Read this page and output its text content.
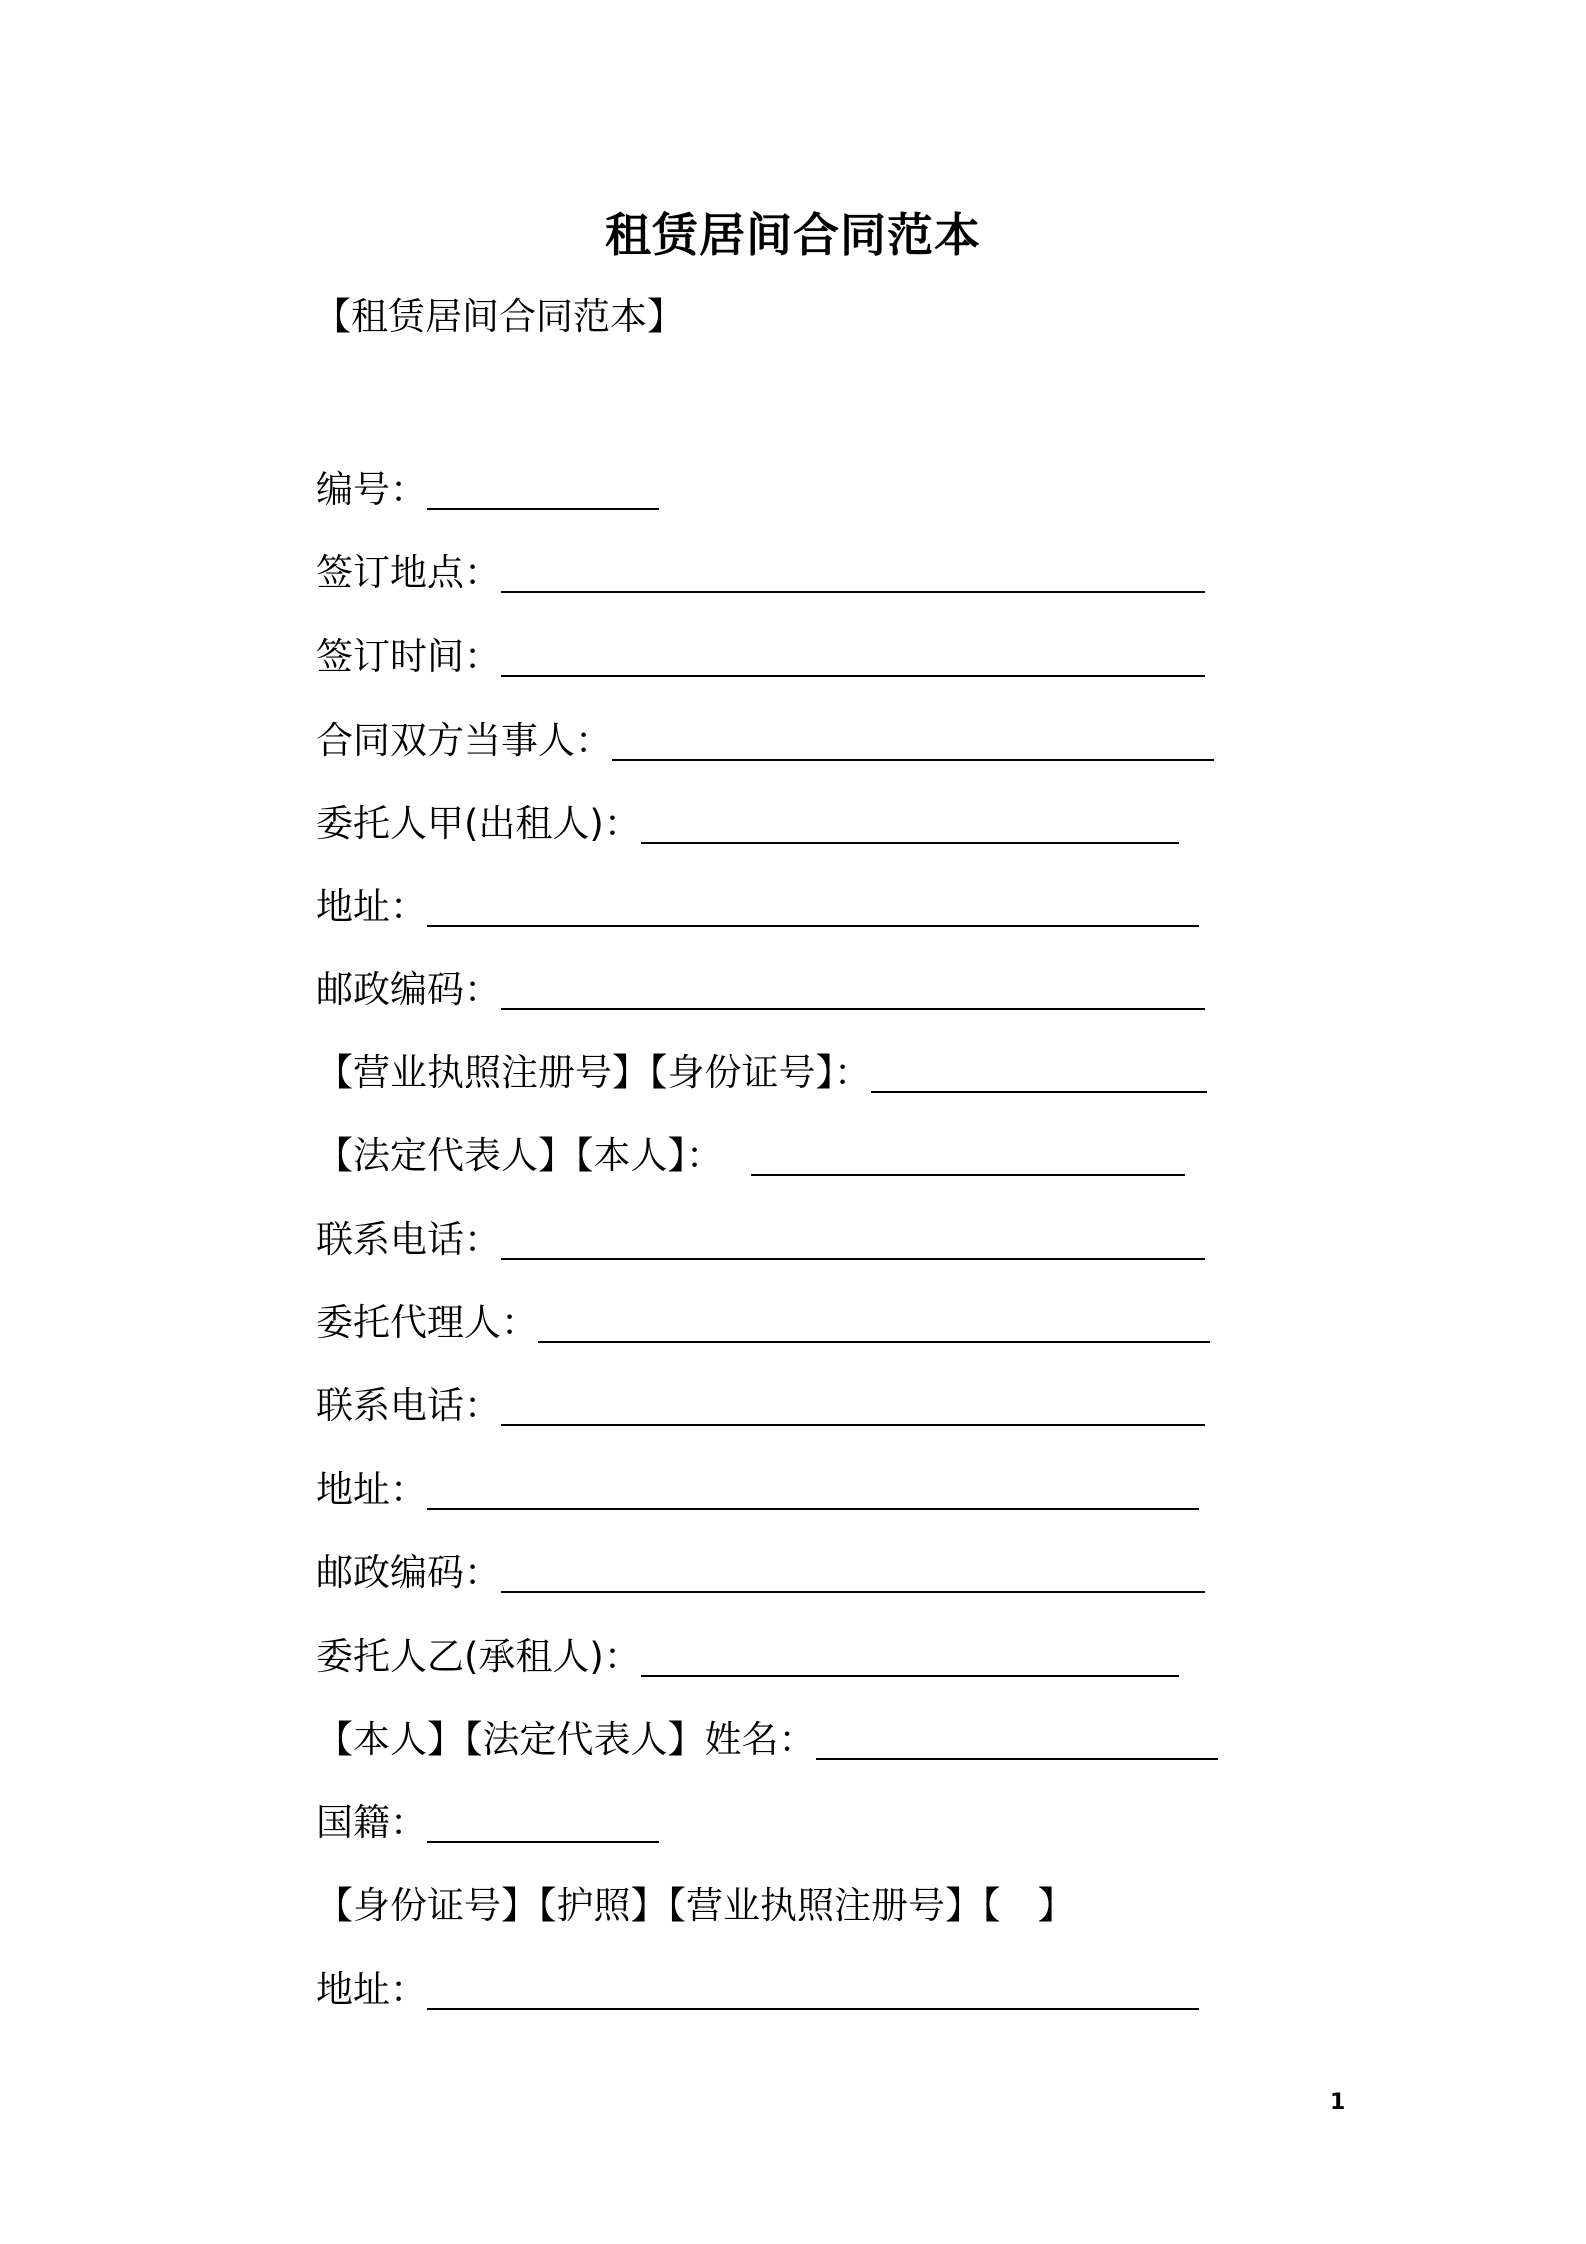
租赁居间合同范本
【租赁居间合同范本】
编号：
签订地点：
签订时间：
合同双方当事人：
委托人甲(出租人)：
地址：
邮政编码：
【营业执照注册号】【身份证号】：
【法定代表人】【本人】：
联系电话：
委托代理人：
联系电话：
地址：
邮政编码：
委托人乙(承租人)：
【本人】【法定代表人】姓名：
国籍：
【身份证号】【护照】【营业执照注册号】【　】
地址：
1
